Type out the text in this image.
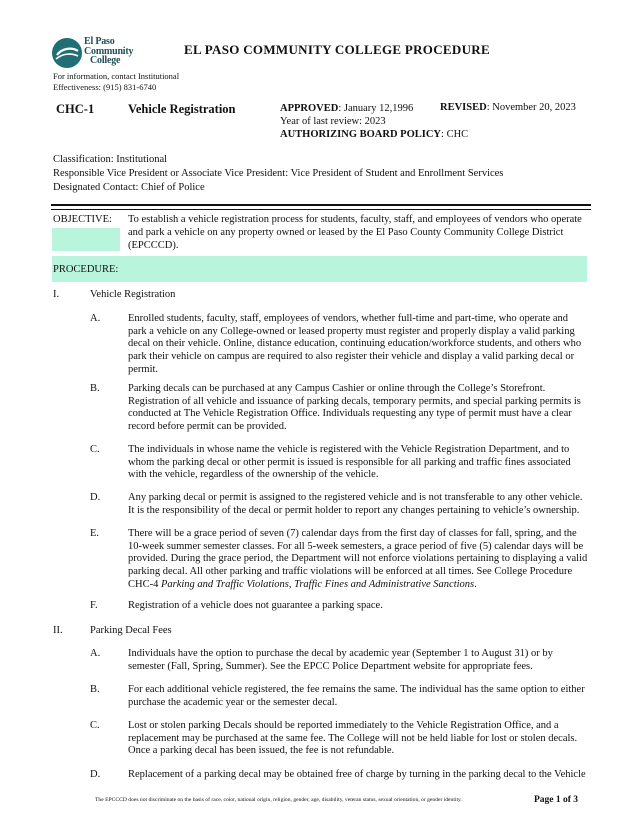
El Paso
Community
College
EL PASO COMMUNITY COLLEGE PROCEDURE
For information, contact Institutional
Effectiveness: (915) 831-6740
CHC-1	Vehicle Registration	APPROVED: January 12,1996
Year of last review: 2023
AUTHORIZING BOARD POLICY: CHC
REVISED: November 20, 2023
Classification: Institutional
Responsible Vice President or Associate Vice President: Vice President of Student and Enrollment Services
Designated Contact: Chief of Police
OBJECTIVE: To establish a vehicle registration process for students, faculty, staff, and employees of vendors who operate and park a vehicle on any property owned or leased by the El Paso County Community College District (EPCCCD).
PROCEDURE:
I.	Vehicle Registration
A.	Enrolled students, faculty, staff, employees of vendors, whether full-time and part-time, who operate and park a vehicle on any College-owned or leased property must register and properly display a valid parking decal on their vehicle. Online, distance education, continuing education/workforce students, and others who park their vehicle on campus are required to also register their vehicle and display a valid parking decal or permit.
B.	Parking decals can be purchased at any Campus Cashier or online through the College’s Storefront. Registration of all vehicle and issuance of parking decals, temporary permits, and special parking permits is conducted at The Vehicle Registration Office. Individuals requesting any type of permit must have a clear record before permit can be provided.
C.	The individuals in whose name the vehicle is registered with the Vehicle Registration Department, and to whom the parking decal or other permit is issued is responsible for all parking and traffic fines associated with the vehicle, regardless of the ownership of the vehicle.
D.	Any parking decal or permit is assigned to the registered vehicle and is not transferable to any other vehicle. It is the responsibility of the decal or permit holder to report any changes pertaining to vehicle’s ownership.
E.	There will be a grace period of seven (7) calendar days from the first day of classes for fall, spring, and the 10-week summer semester classes. For all 5-week semesters, a grace period of five (5) calendar days will be provided. During the grace period, the Department will not enforce violations pertaining to displaying a valid parking decal. All other parking and traffic violations will be enforced at all times. See College Procedure CHC-4 Parking and Traffic Violations, Traffic Fines and Administrative Sanctions.
F.	Registration of a vehicle does not guarantee a parking space.
II.	Parking Decal Fees
A.	Individuals have the option to purchase the decal by academic year (September 1 to August 31) or by semester (Fall, Spring, Summer). See the EPCC Police Department website for appropriate fees.
B.	For each additional vehicle registered, the fee remains the same. The individual has the same option to either purchase the academic year or the semester decal.
C.	Lost or stolen parking Decals should be reported immediately to the Vehicle Registration Office, and a replacement may be purchased at the same fee. The College will not be held liable for lost or stolen decals. Once a parking decal has been issued, the fee is not refundable.
D.	Replacement of a parking decal may be obtained free of charge by turning in the parking decal to the Vehicle
The EPCCCD does not discriminate on the basis of race, color, national origin, religion, gender, age, disability, veteran status, sexual orientation, or gender identity.	Page 1 of 3
